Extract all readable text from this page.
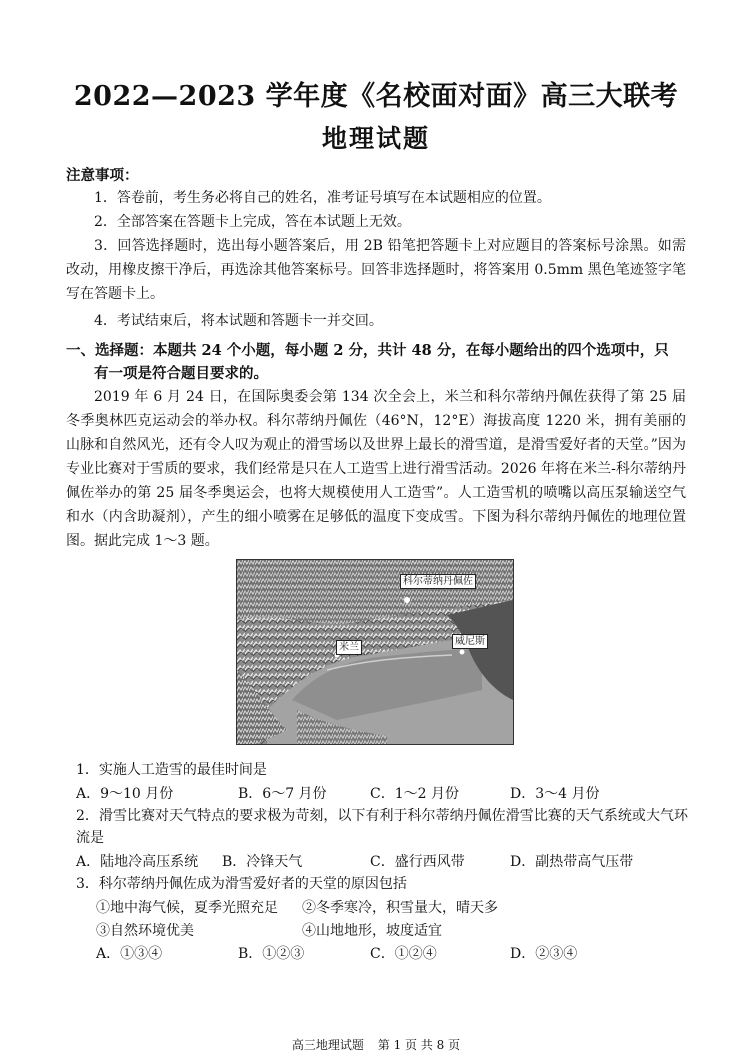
2022—2023 学年度《名校面对面》高三大联考
地理试题
注意事项：
1．答卷前，考生务必将自己的姓名，准考证号填写在本试题相应的位置。
2．全部答案在答题卡上完成，答在本试题上无效。
3．回答选择题时，选出每小题答案后，用 2B 铅笔把答题卡上对应题目的答案标号涂黑。如需改动，用橡皮擦干净后，再选涂其他答案标号。回答非选择题时，将答案用 0.5mm 黑色笔迹签字笔写在答题卡上。
4．考试结束后，将本试题和答题卡一并交回。
一、选择题：本题共 24 个小题，每小题 2 分，共计 48 分，在每小题给出的四个选项中，只
有一项是符合题目要求的。
2019 年 6 月 24 日，在国际奥委会第 134 次全会上，米兰和科尔蒂纳丹佩佐获得了第 25 届冬季奥林匹克运动会的举办权。科尔蒂纳丹佩佐（46°N，12°E）海拔高度 1220 米，拥有美丽的山脉和自然风光，还有令人叹为观止的滑雪场以及世界上最长的滑雪道，是滑雪爱好者的天堂。”因为专业比赛对于雪质的要求，我们经常是只在人工造雪上进行滑雪活动。2026 年将在米兰-科尔蒂纳丹佩佐举办的第 25 届冬季奥运会，也将大规模使用人工造雪”。人工造雪机的喷嘴以高压泵输送空气和水（内含助凝剂），产生的细小喷雾在足够低的温度下变成雪。下图为科尔蒂纳丹佩佐的地理位置图。据此完成 1～3 题。
科尔蒂纳丹佩佐
米兰
威尼斯
1．实施人工造雪的最佳时间是
A．9～10 月份	B．6～7 月份	C．1～2 月份	D．3～4 月份
2．滑雪比赛对天气特点的要求极为苛刻，以下有利于科尔蒂纳丹佩佐滑雪比赛的天气系统或大气环流是
A．陆地冷高压系统 B．冷锋天气	C．盛行西风带	D．副热带高气压带
3．科尔蒂纳丹佩佐成为滑雪爱好者的天堂的原因包括
①地中海气候，夏季光照充足 ②冬季寒冷，积雪量大，晴天多
③自然环境优美	④山地地形，坡度适宜
A．①③④	B．①②③	C．①②④	D．②③④
高三地理试题 第 1 页 共 8 页
